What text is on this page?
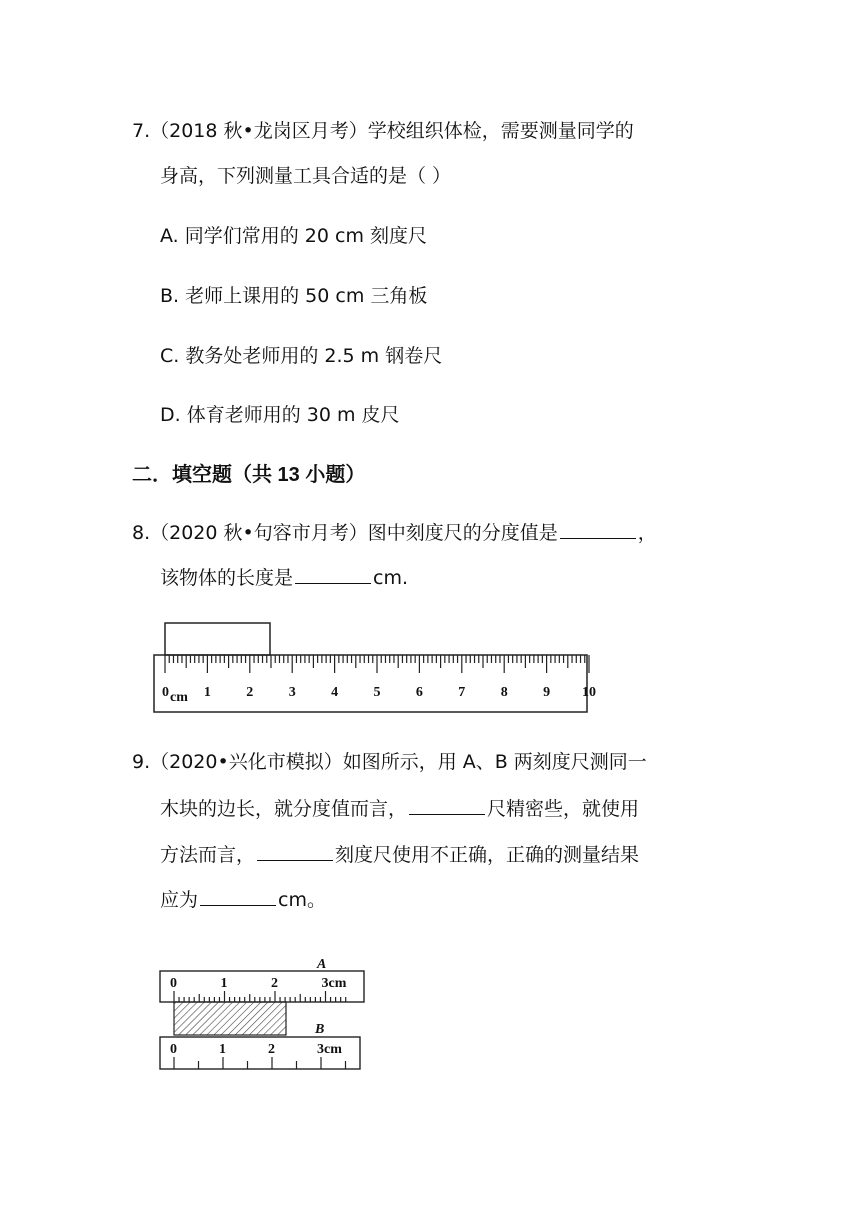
7.（2018 秋•龙岗区月考）学校组织体检，需要测量同学的
身高，下列测量工具合适的是（ ）
A. 同学们常用的 20 cm 刻度尺
B. 老师上课用的 50 cm 三角板
C. 教务处老师用的 2.5 m 钢卷尺
D. 体育老师用的 30 m 皮尺
二．填空题（共 13 小题）
8.（2020 秋•句容市月考）图中刻度尺的分度值是	，
该物体的长度是	cm.
0 1	2	3	4	5	6	7	8	9 10
cm
9.（2020•兴化市模拟）如图所示，用 A、B 两刻度尺测同一
木块的边长，就分度值而言，	尺精密些，就使用
方法而言，	刻度尺使用不正确，正确的测量结果
应为	cm。
A
0	1	2	3cm
B
0	1	2	3cm
